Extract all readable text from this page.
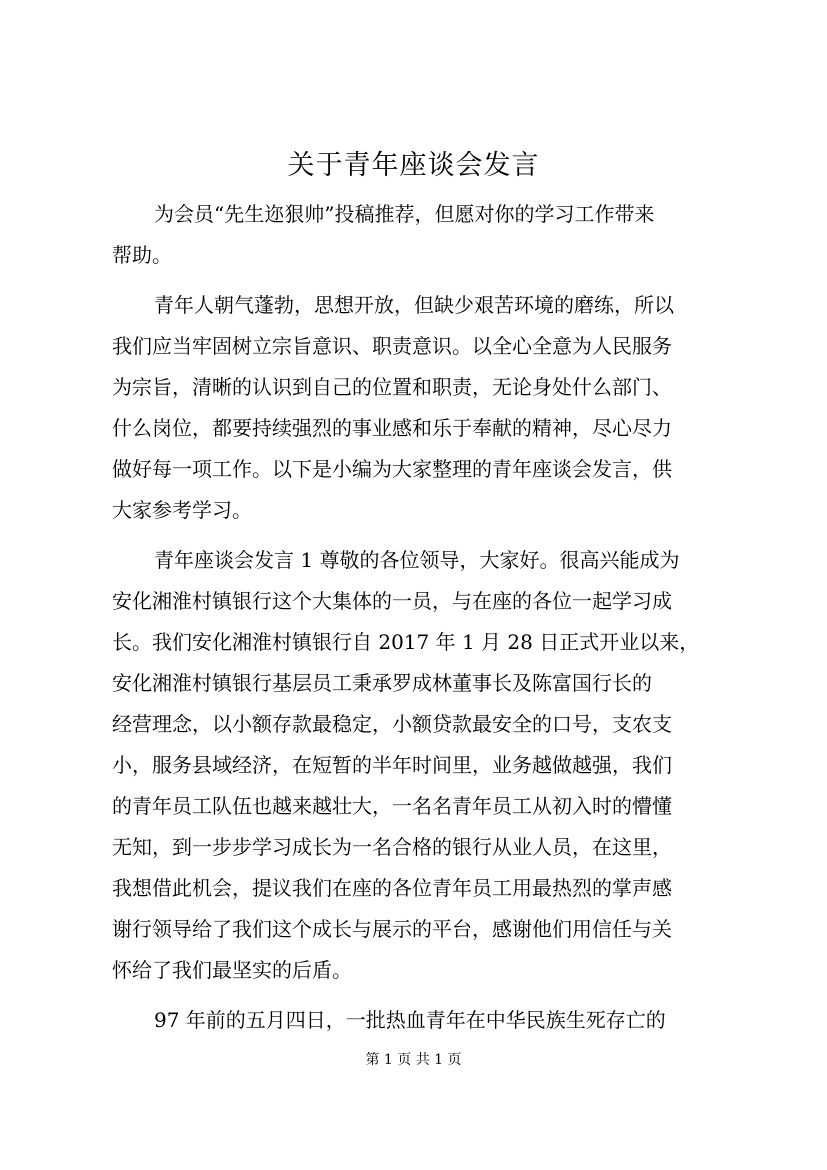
关于青年座谈会发言
为会员“先生迩狠帅”投稿推荐，但愿对你的学习工作带来
帮助。
青年人朝气蓬勃，思想开放，但缺少艰苦环境的磨练，所以
我们应当牢固树立宗旨意识、职责意识。以全心全意为人民服务
为宗旨，清晰的认识到自己的位置和职责，无论身处什么部门、
什么岗位，都要持续强烈的事业感和乐于奉献的精神，尽心尽力
做好每一项工作。以下是小编为大家整理的青年座谈会发言，供
大家参考学习。
青年座谈会发言 1 尊敬的各位领导，大家好。很高兴能成为
安化湘淮村镇银行这个大集体的一员，与在座的各位一起学习成
长。我们安化湘淮村镇银行自 2017 年 1 月 28 日正式开业以来，
安化湘淮村镇银行基层员工秉承罗成林董事长及陈富国行长的
经营理念，以小额存款最稳定，小额贷款最安全的口号，支农支
小，服务县域经济，在短暂的半年时间里，业务越做越强，我们
的青年员工队伍也越来越壮大，一名名青年员工从初入时的懵懂
无知，到一步步学习成长为一名合格的银行从业人员，在这里，
我想借此机会，提议我们在座的各位青年员工用最热烈的掌声感
谢行领导给了我们这个成长与展示的平台，感谢他们用信任与关
怀给了我们最坚实的后盾。
97 年前的五月四日，一批热血青年在中华民族生死存亡的
第 1 页 共 1 页
